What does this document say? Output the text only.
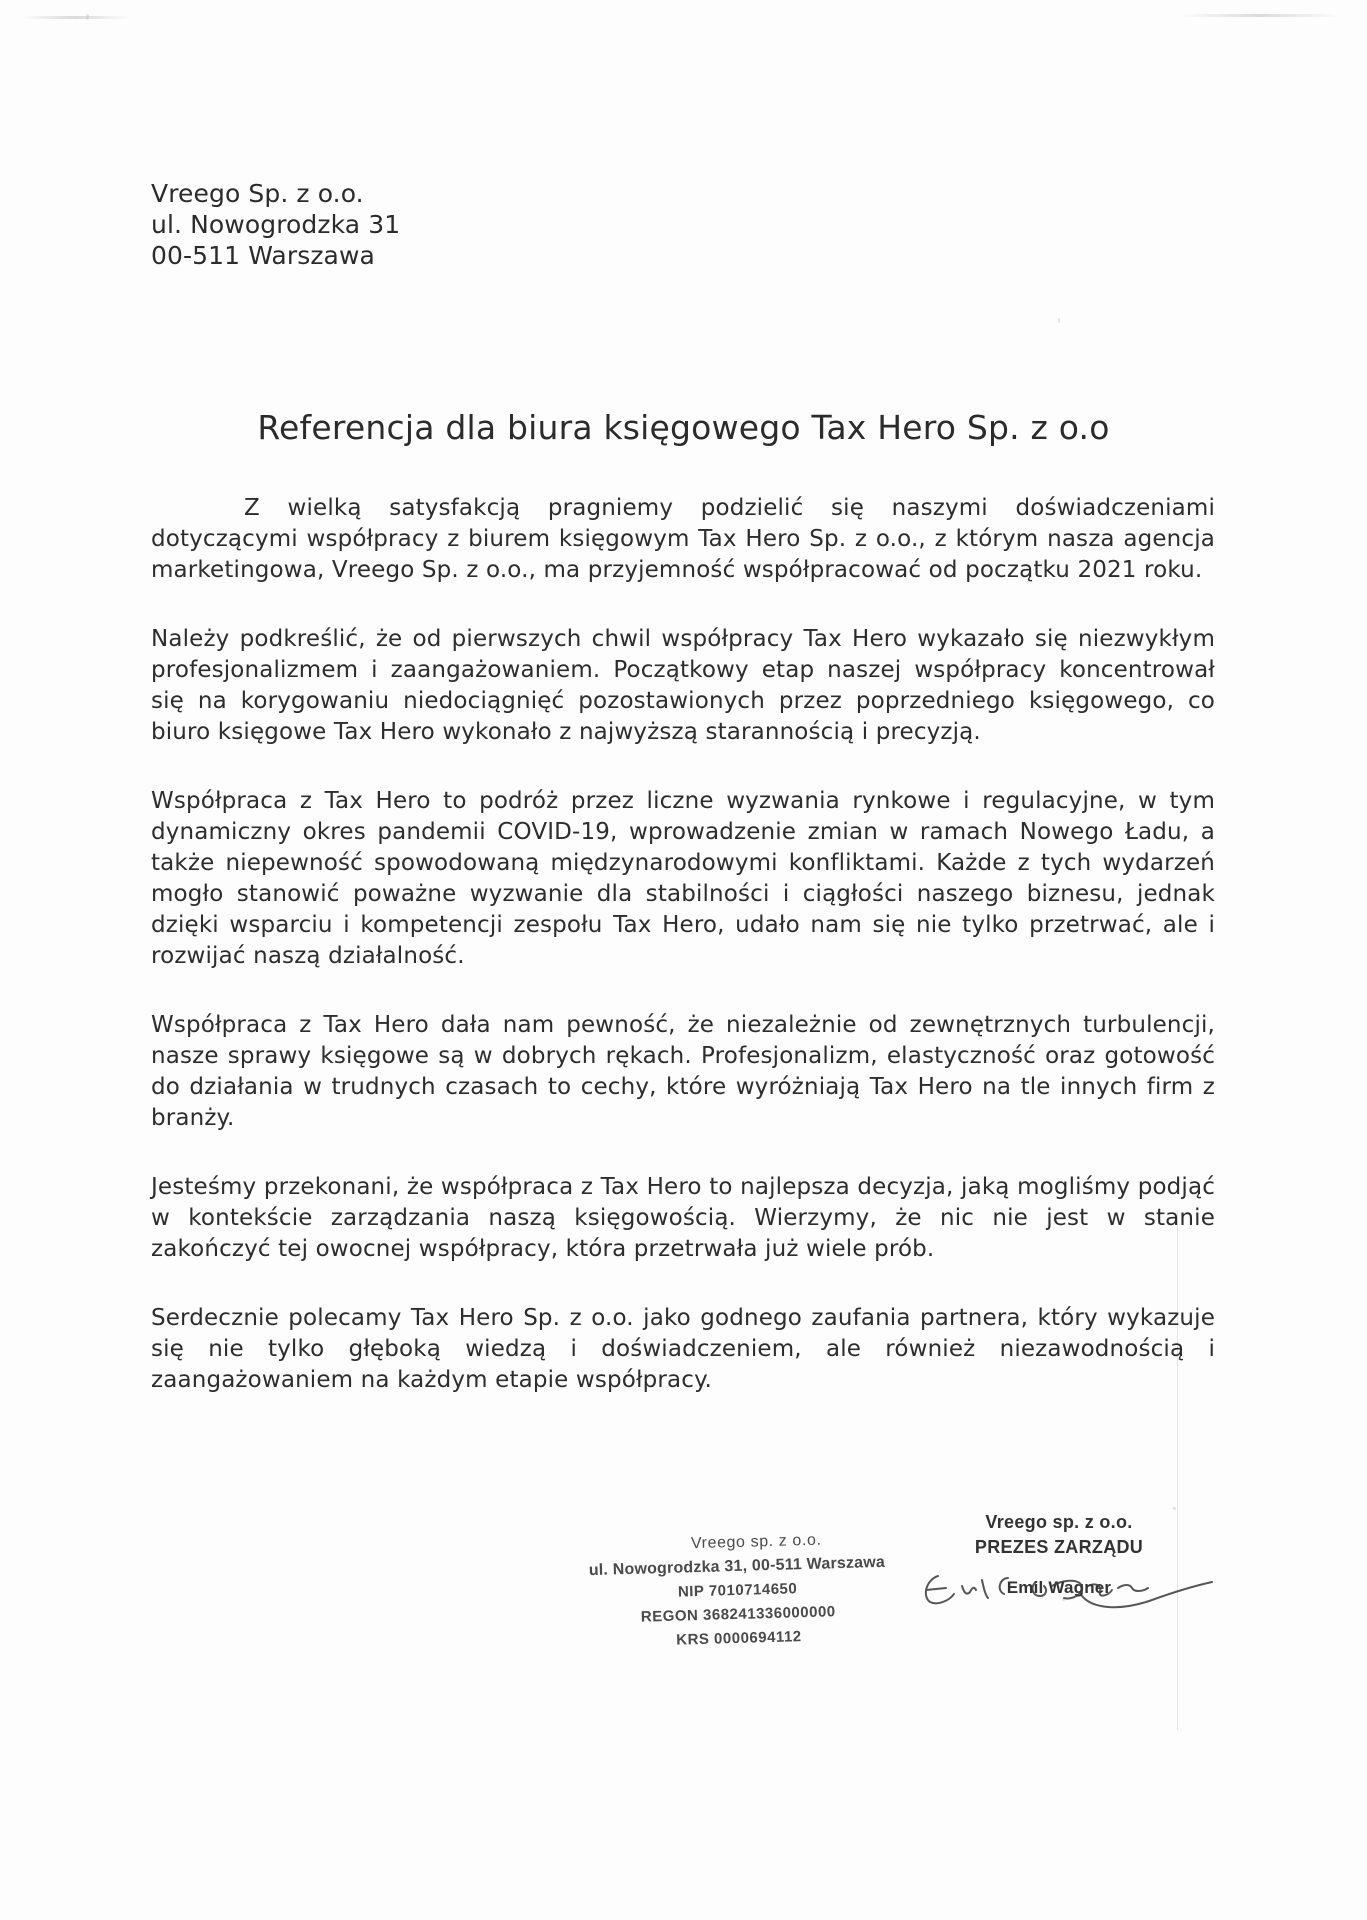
Vreego Sp. z o.o.
ul. Nowogrodzka 31
00-511 Warszawa
Referencja dla biura księgowego Tax Hero Sp. z o.o

Z wielką satysfakcją pragniemy podzielić się naszymi doświadczeniami dotyczącymi współpracy z biurem księgowym Tax Hero Sp. z o.o., z którym nasza agencja marketingowa, Vreego Sp. z o.o., ma przyjemność współpracować od początku 2021 roku.

Należy podkreślić, że od pierwszych chwil współpracy Tax Hero wykazało się niezwykłym profesjonalizmem i zaangażowaniem. Początkowy etap naszej współpracy koncentrował się na korygowaniu niedociągnięć pozostawionych przez poprzedniego księgowego, co biuro księgowe Tax Hero wykonało z najwyższą starannością i precyzją.

Współpraca z Tax Hero to podróż przez liczne wyzwania rynkowe i regulacyjne, w tym dynamiczny okres pandemii COVID-19, wprowadzenie zmian w ramach Nowego Ładu, a także niepewność spowodowaną międzynarodowymi konfliktami. Każde z tych wydarzeń mogło stanowić poważne wyzwanie dla stabilności i ciągłości naszego biznesu, jednak dzięki wsparciu i kompetencji zespołu Tax Hero, udało nam się nie tylko przetrwać, ale i rozwijać naszą działalność.

Współpraca z Tax Hero dała nam pewność, że niezależnie od zewnętrznych turbulencji, nasze sprawy księgowe są w dobrych rękach. Profesjonalizm, elastyczność oraz gotowość do działania w trudnych czasach to cechy, które wyróżniają Tax Hero na tle innych firm z branży.

Jesteśmy przekonani, że współpraca z Tax Hero to najlepsza decyzja, jaką mogliśmy podjąć w kontekście zarządzania naszą księgowością. Wierzymy, że nic nie jest w stanie zakończyć tej owocnej współpracy, która przetrwała już wiele prób.

Serdecznie polecamy Tax Hero Sp. z o.o. jako godnego zaufania partnera, który wykazuje się nie tylko głęboką wiedzą i doświadczeniem, ale również niezawodnością i zaangażowaniem na każdym etapie współpracy.

Vreego sp. z o.o.
ul. Nowogrodzka 31, 00-511 Warszawa
NIP 7010714650
REGON 368241336000000
KRS 0000694112
Vreego sp. z o.o.
PREZES ZARZĄDU
Emil Wagner
